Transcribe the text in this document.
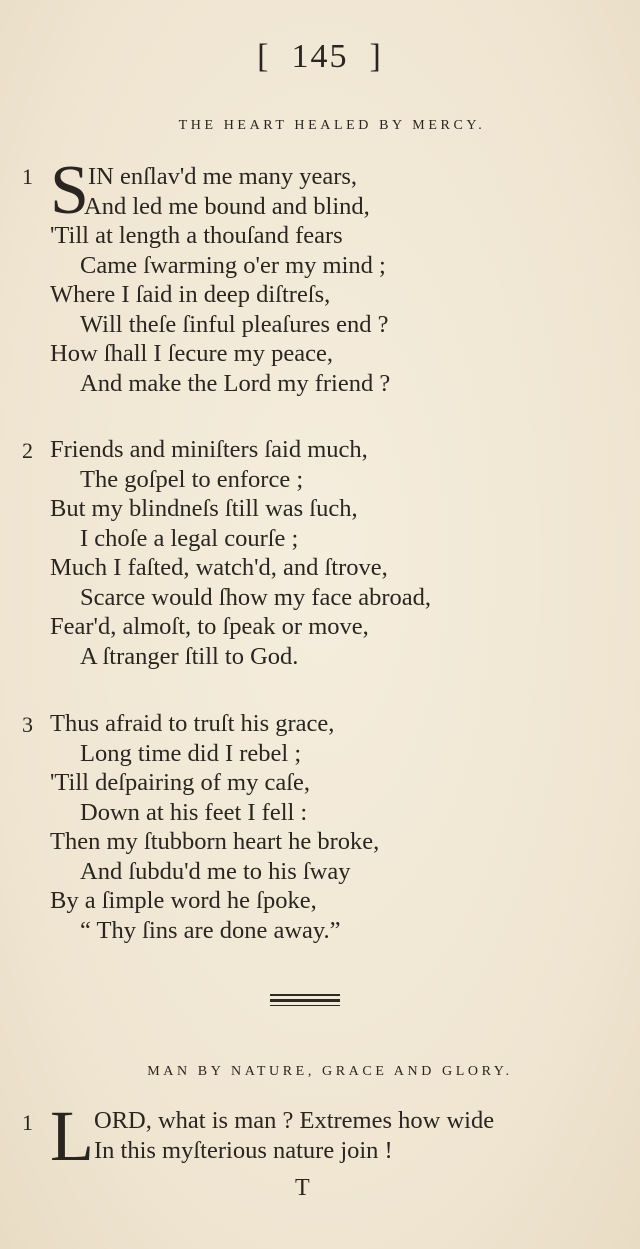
[  145  ]
THE HEART HEALED BY MERCY.
1 S IN enſlav'd me many years,
And led me bound and blind,
'Till at length a thouſand fears
Came ſwarming o'er my mind ;
Where I ſaid in deep diſtreſs,
Will theſe ſinful pleaſures end ?
How ſhall I ſecure my peace,
And make the Lord my friend ?
2 Friends and miniſters ſaid much,
The goſpel to enforce ;
But my blindneſs ſtill was ſuch,
I choſe a legal courſe ;
Much I faſted, watch'd, and ſtrove,
Scarce would ſhow my face abroad,
Fear'd, almoſt, to ſpeak or move,
A ſtranger ſtill to God.
3 Thus afraid to truſt his grace,
Long time did I rebel ;
'Till deſpairing of my caſe,
Down at his feet I fell :
Then my ſtubborn heart he broke,
And ſubdu'd me to his ſway
By a ſimple word he ſpoke,
“ Thy ſins are done away.”
MAN BY NATURE, GRACE AND GLORY.
1 L ORD, what is man ? Extremes how wide
In this myſterious nature join !
T
